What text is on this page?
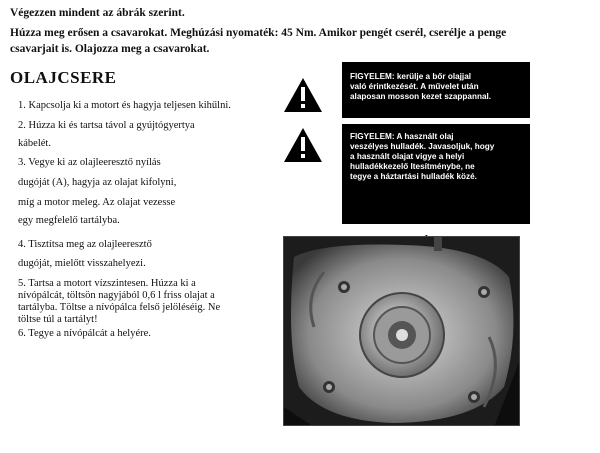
Végezzen mindent az ábrák szerint.
Húzza meg erősen a csavarokat. Meghúzási nyomaték: 45 Nm. Amikor pengét cserél, cserélje a penge
csavarjait is. Olajozza meg a csavarokat.
OLAJCSERE
1. Kapcsolja ki a motort és hagyja teljesen kihűlni.
2. Húzza ki és tartsa távol a gyújtógyertya
kábelét.
3. Vegye ki az olajleeresztő nyílás
dugóját (A), hagyja az olajat kifolyni,
míg a motor meleg. Az olajat vezesse
egy megfelelő tartályba.
4. Tisztítsa meg az olajleeresztő
dugóját, mielőtt visszahelyezi.
5. Tartsa a motort vízszintesen. Húzza ki a
nívópálcát, töltsön nagyjából 0,6 l friss olajat a
tartályba. Töltse a nívópálca felső jelöléséig. Ne
töltse túl a tartályt!
6. Tegye a nívópálcát a helyére.
FIGYELEM: kerülje a bőr olajjal
való érintkezését. A művelet után
alaposan mosson kezet szappannal.
FIGYELEM: A használt olaj
veszélyes hulladék. Javasoljuk, hogy
a használt olajat vigye a helyi
hulladékkezelő ltesítménybe, ne
tegye a háztartási hulladék közé.
